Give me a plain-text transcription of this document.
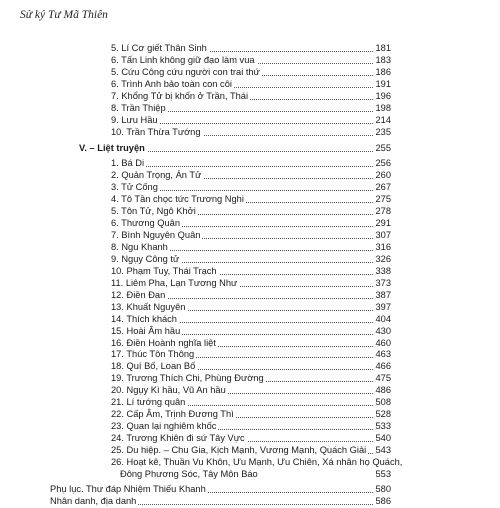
Sử ký Tư Mã Thiên
5. Lí Cơ giết Thân Sinh	181
6. Tấn Linh không giữ đạo làm vua	183
5. Cứu Công cứu người con trai thứ	186
6. Trình Anh bảo toàn con côi	191
7. Khổng Tử bị khốn ở Trần, Thái	196
8. Trần Thiệp	198
9. Lưu Hầu	214
10. Trần Thừa Tướng	235
V. – Liệt truyện	255
1. Bá Di	256
2. Quản Trọng, Án Tử	260
3. Tử Cống	267
4. Tô Tần chọc tức Trương Nghi	275
5. Tôn Tử, Ngô Khởi	278
6. Thương Quân	291
7. Bình Nguyên Quân	307
8. Ngu Khanh	316
9. Ngụy Công tử	326
10. Phạm Tuy, Thái Trạch	338
11. Liêm Pha, Lạn Tương Như	373
12. Điền Đan	387
13. Khuất Nguyên	397
14. Thích khách	404
15. Hoài Âm hầu	430
16. Điền Hoành nghĩa liệt	460
17. Thúc Tôn Thông	463
18. Quí Bố, Loan Bố	466
19. Trương Thích Chi, Phùng Đường	475
20. Ngụy Kì hầu, Vũ An hầu	486
21. Lí tướng quân	508
22. Cấp Âm, Trịnh Đương Thì	528
23. Quan lại nghiêm khốc	533
24. Trương Khiên đi sứ Tây Vực	540
25. Du hiệp. – Chu Gia, Kịch Mạnh, Vương Mạnh, Quách Giải 543
26. Hoạt kê, Thuần Vu Khôn, Ưu Mạnh, Ưu Chiên, Xá nhân họ Quách,
Đông Phương Sóc, Tây Môn Báo	553
Phụ lục. Thư đáp Nhiệm Thiếu Khanh	580
Nhân danh, địa danh	586
